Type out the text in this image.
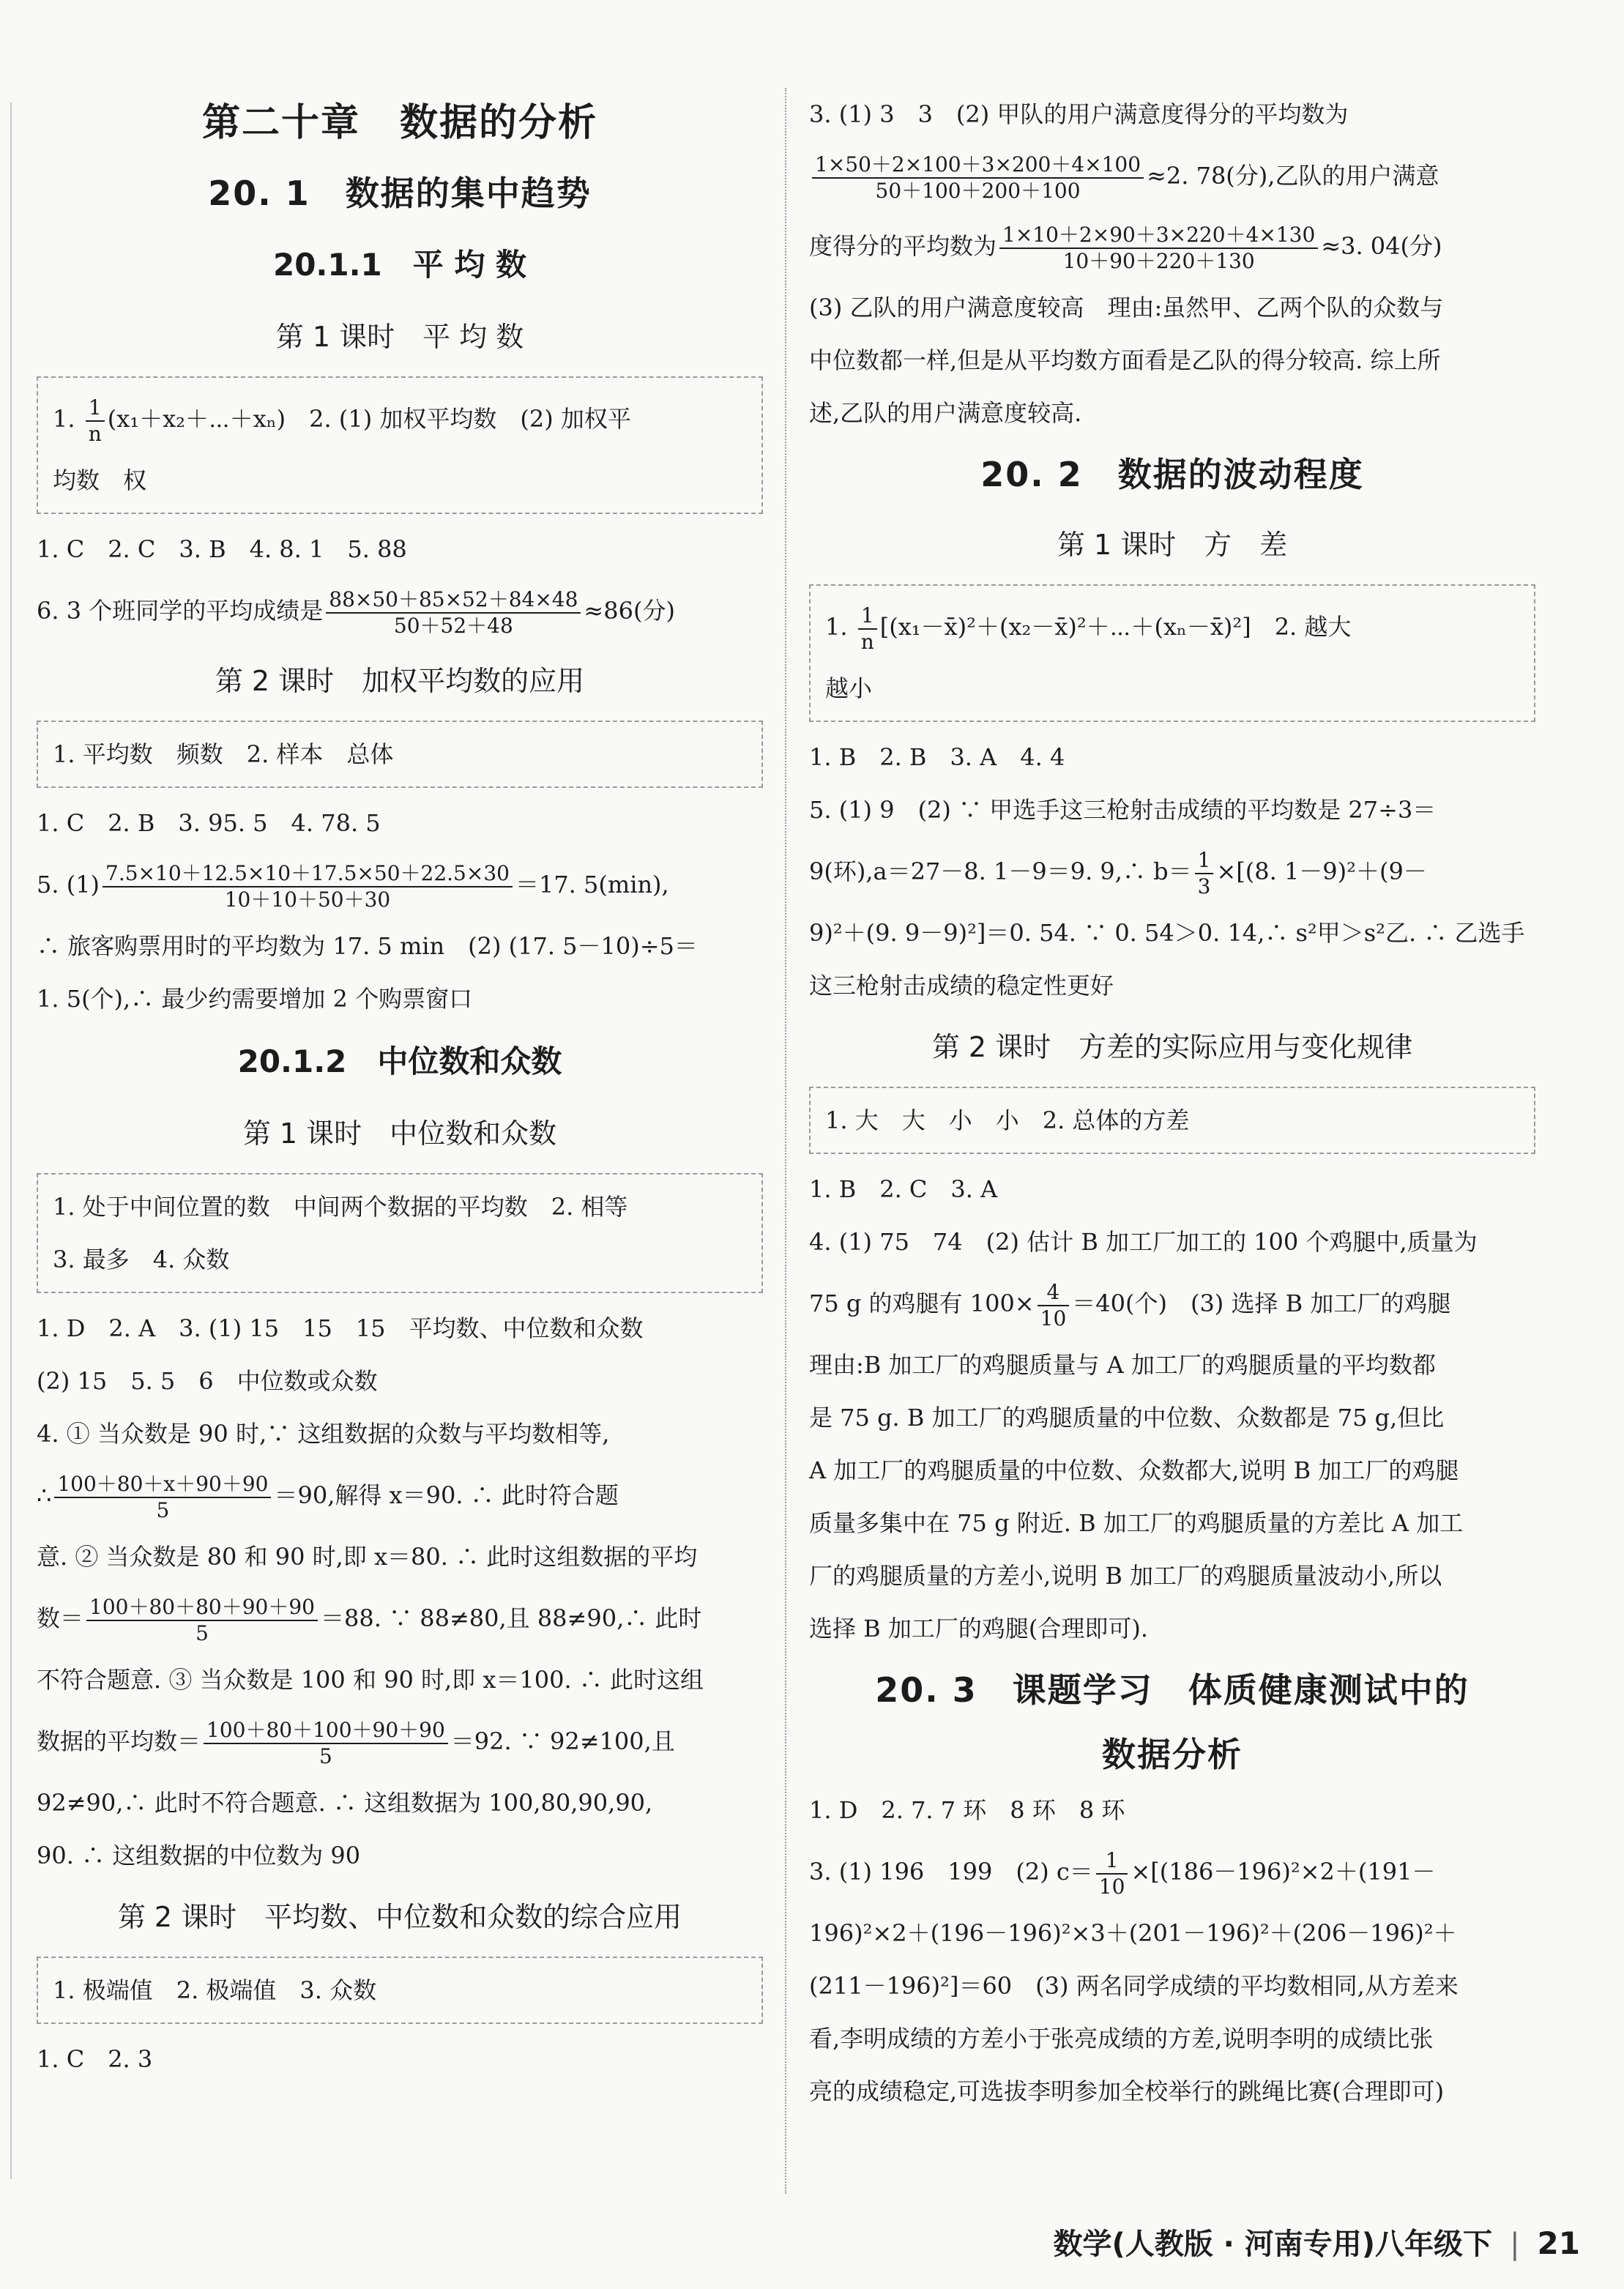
第二十章　数据的分析
20. 1　数据的集中趋势
20.1.1　平 均 数
第 1 课时　平 均 数
1. $\frac{1}{n}$ (x₁＋x₂＋⋯＋xₙ)　2. (1) 加权平均数　(2) 加权平
均数　权
1. C　2. C　3. B　4. 8. 1　5. 88
6. 3 个班同学的平均成绩是 $\frac{88\times 50+85\times 52+84\times 48}{50+52+48} \approx 86$(分)
第 2 课时　加权平均数的应用
1. 平均数　频数　2. 样本　总体
1. C　2. B　3. 95. 5　4. 78. 5
5. $(1) \frac{7.5\times 10+12.5\times 10+17.5\times 50+22.5\times 30}{10+10+50+30} =17$. 5(min),
∴ 旅客购票用时的平均数为 17. 5 min　(2) (17. 5－10)÷5＝
1. 5(个),∴ 最少约需要增加 2 个购票窗口
20.1.2　中位数和众数
第 1 课时　中位数和众数
1. 处于中间位置的数　中间两个数据的平均数　2. 相等
3. 最多　4. 众数
1. D　2. A　3. (1) 15　15　15　平均数、中位数和众数
(2) 15　5. 5　6　中位数或众数
4. ① 当众数是 90 时,∵ 这组数据的众数与平均数相等,
∴ $\frac{100+80+x+90+90}{5} =90$,解得 x＝90. ∴ 此时符合题
意. ② 当众数是 80 和 90 时,即 x＝80. ∴ 此时这组数据的平均
数＝ $\frac{100+80+80+90+90}{5} =88$. ∵ 88≠80,且 88≠90,∴ 此时
不符合题意. ③ 当众数是 100 和 90 时,即 x＝100. ∴ 此时这组
数据的平均数＝ $\frac{100+80+100+90+90}{5} =92$. ∵ 92≠100,且
92≠90,∴ 此时不符合题意. ∴ 这组数据为 100,80,90,90,
90. ∴ 这组数据的中位数为 90
第 2 课时　平均数、中位数和众数的综合应用
1. 极端值　2. 极端值　3. 众数
1. C　2. 3
3. (1) 3　3　(2) 甲队的用户满意度得分的平均数为
$\frac{1\times 50+2\times 100+3\times 200+4\times 100}{50+100+200+100} \approx 2$. 78(分),乙队的用户满意
度得分的平均数为 $\frac{1\times 10+2\times 90+3\times 220+4\times 130}{10+90+220+130} \approx 3$. 04(分)
(3) 乙队的用户满意度较高　理由:虽然甲、乙两个队的众数与
中位数都一样,但是从平均数方面看是乙队的得分较高. 综上所
述,乙队的用户满意度较高.
20. 2　数据的波动程度
第 1 课时　方　差
1. $\frac{1}{n}$ [(x₁－x̄)²＋(x₂－x̄)²＋⋯＋(xₙ－x̄)²]　2. 越大
越小
1. B　2. B　3. A　4. 4
5. (1) 9　(2) ∵ 甲选手这三枪射击成绩的平均数是 27÷3＝
9(环),a＝27－8. 1－9＝9. 9,∴ $b= \frac{1}{3} \times[(8$. 1－9)²＋(9－
9)²＋(9. 9－9)²]＝0. 54. ∵ 0. 54＞0. 14,∴ s²甲＞s²乙. ∴ 乙选手
这三枪射击成绩的稳定性更好
第 2 课时　方差的实际应用与变化规律
1. 大　大　小　小　2. 总体的方差
1. B　2. C　3. A
4. (1) 75　74　(2) 估计 B 加工厂加工的 100 个鸡腿中,质量为
75 g 的鸡腿有 $100\times \frac{4}{10} =40$(个)　(3) 选择 B 加工厂的鸡腿
理由:B 加工厂的鸡腿质量与 A 加工厂的鸡腿质量的平均数都
是 75 g. B 加工厂的鸡腿质量的中位数、众数都是 75 g,但比
A 加工厂的鸡腿质量的中位数、众数都大,说明 B 加工厂的鸡腿
质量多集中在 75 g 附近. B 加工厂的鸡腿质量的方差比 A 加工
厂的鸡腿质量的方差小,说明 B 加工厂的鸡腿质量波动小,所以
选择 B 加工厂的鸡腿(合理即可).
20. 3　课题学习　体质健康测试中的
数据分析
1. D　2. 7. 7 环　8 环　8 环
3. (1) 196　199　(2) $c= \frac{1}{10} \times[(186-196)^2\times 2+(191-$
196)²×2＋(196－196)²×3＋(201－196)²＋(206－196)²＋
(211－196)²]＝60　(3) 两名同学成绩的平均数相同,从方差来
看,李明成绩的方差小于张亮成绩的方差,说明李明的成绩比张
亮的成绩稳定,可选拔李明参加全校举行的跳绳比赛(合理即可)
数学(人教版 · 河南专用)八年级下 | 21
